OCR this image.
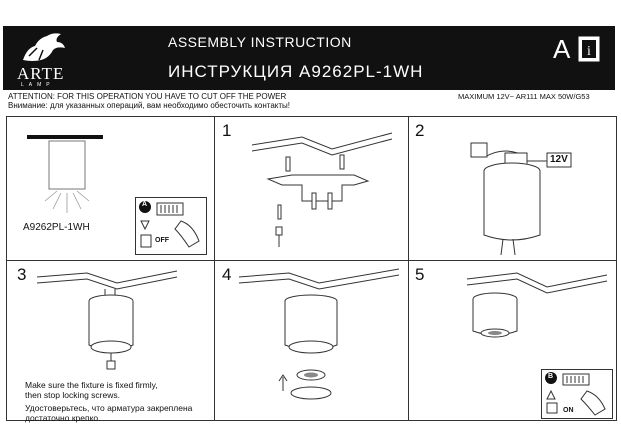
ARTE
LAMP
ASSEMBLY INSTRUCTION
ИНСТРУКЦИЯ A9262PL-1WH
A i
ATTENTION: FOR THIS OPERATION YOU HAVE TO CUT OFF THE POWER
Внимание: для указанных операций, вам необходимо обесточить контакты!
MAXIMUM 12V~ AR111 MAX 50W/G53
A9262PL-1WH
A
OFF
1	2
12V
3
Make sure the fixture is fixed firmly,
then stop locking screws.
Удостоверьтесь, что арматура закреплена
достаточно крепко.
4	5
B
ON
